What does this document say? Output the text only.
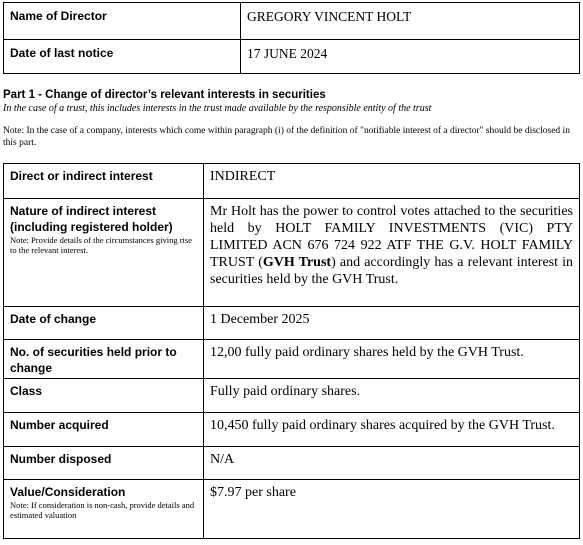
Name of Director	GREGORY VINCENT HOLT
Date of last notice	17 JUNE 2024

Part 1 - Change of director’s relevant interests in securities

In the case of a trust, this includes interests in the trust made available by the responsible entity of the trust

Note: In the case of a company, interests which come within paragraph (i) of the definition of "notifiable interest of a director" should be disclosed in this part.

Direct or indirect interest	INDIRECT
Nature of indirect interest (including registered holder)
Note: Provide details of the circumstances giving rise to the relevant interest.	Mr Holt has the power to control votes attached to the securities held by HOLT FAMILY INVESTMENTS (VIC) PTY LIMITED ACN 676 724 922 ATF THE G.V. HOLT FAMILY TRUST (GVH Trust) and accordingly has a relevant interest in securities held by the GVH Trust.
Date of change	1 December 2025
No. of securities held prior to change	12,00 fully paid ordinary shares held by the GVH Trust.
Class	Fully paid ordinary shares.
Number acquired	10,450 fully paid ordinary shares acquired by the GVH Trust.
Number disposed	N/A
Value/Consideration
Note: If consideration is non-cash, provide details and estimated valuation	$7.97 per share
